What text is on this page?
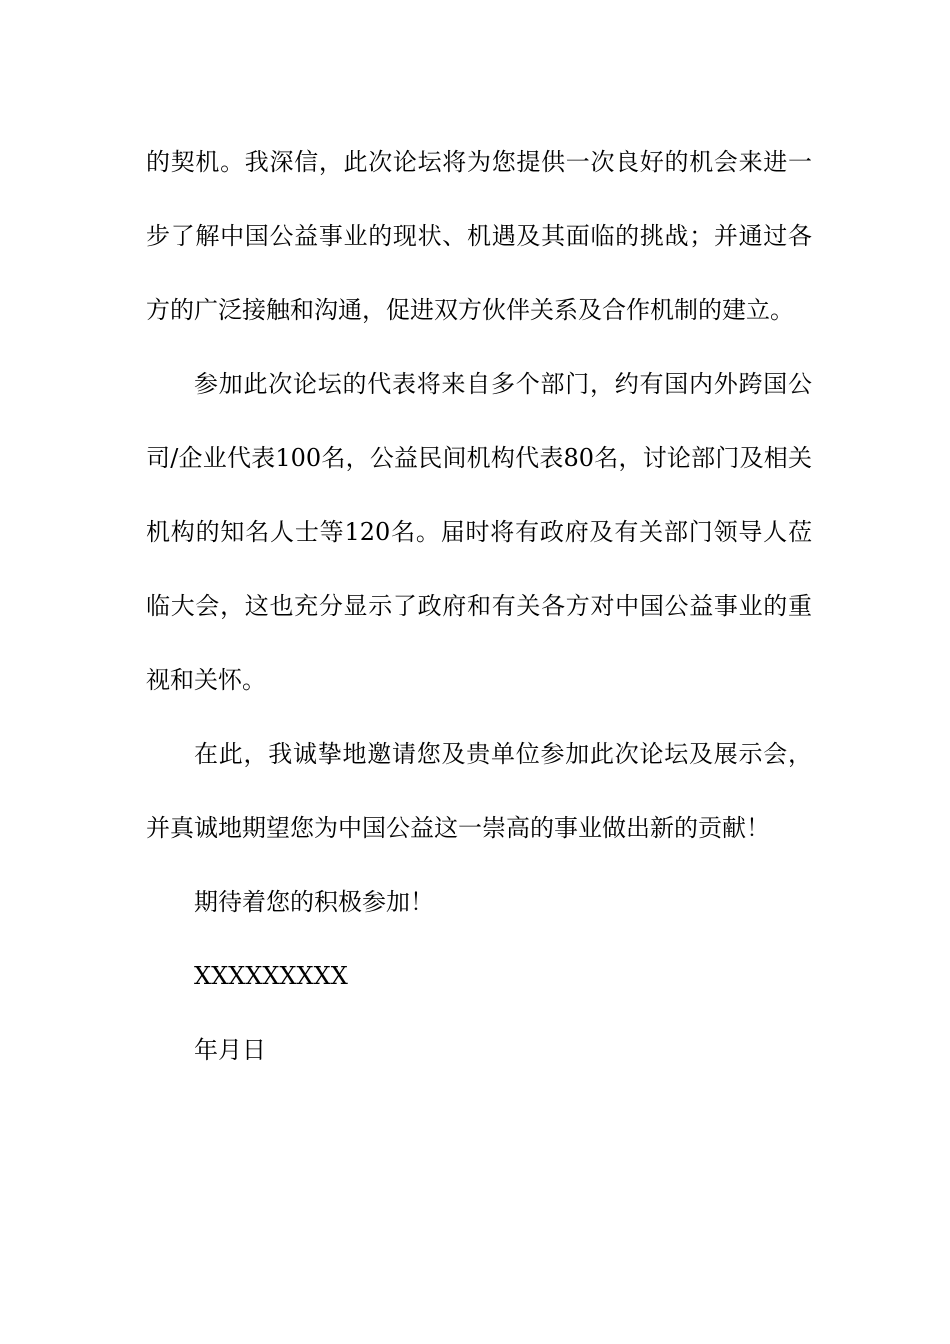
的契机。我深信，此次论坛将为您提供一次良好的机会来进一步了解中国公益事业的现状、机遇及其面临的挑战；并通过各方的广泛接触和沟通，促进双方伙伴关系及合作机制的建立。

参加此次论坛的代表将来自多个部门，约有国内外跨国公司/企业代表100名，公益民间机构代表80名，讨论部门及相关机构的知名人士等120名。届时将有政府及有关部门领导人莅临大会，这也充分显示了政府和有关各方对中国公益事业的重视和关怀。

在此，我诚挚地邀请您及贵单位参加此次论坛及展示会，并真诚地期望您为中国公益这一崇高的事业做出新的贡献！

期待着您的积极参加！

XXXXXXXXX

年月日
